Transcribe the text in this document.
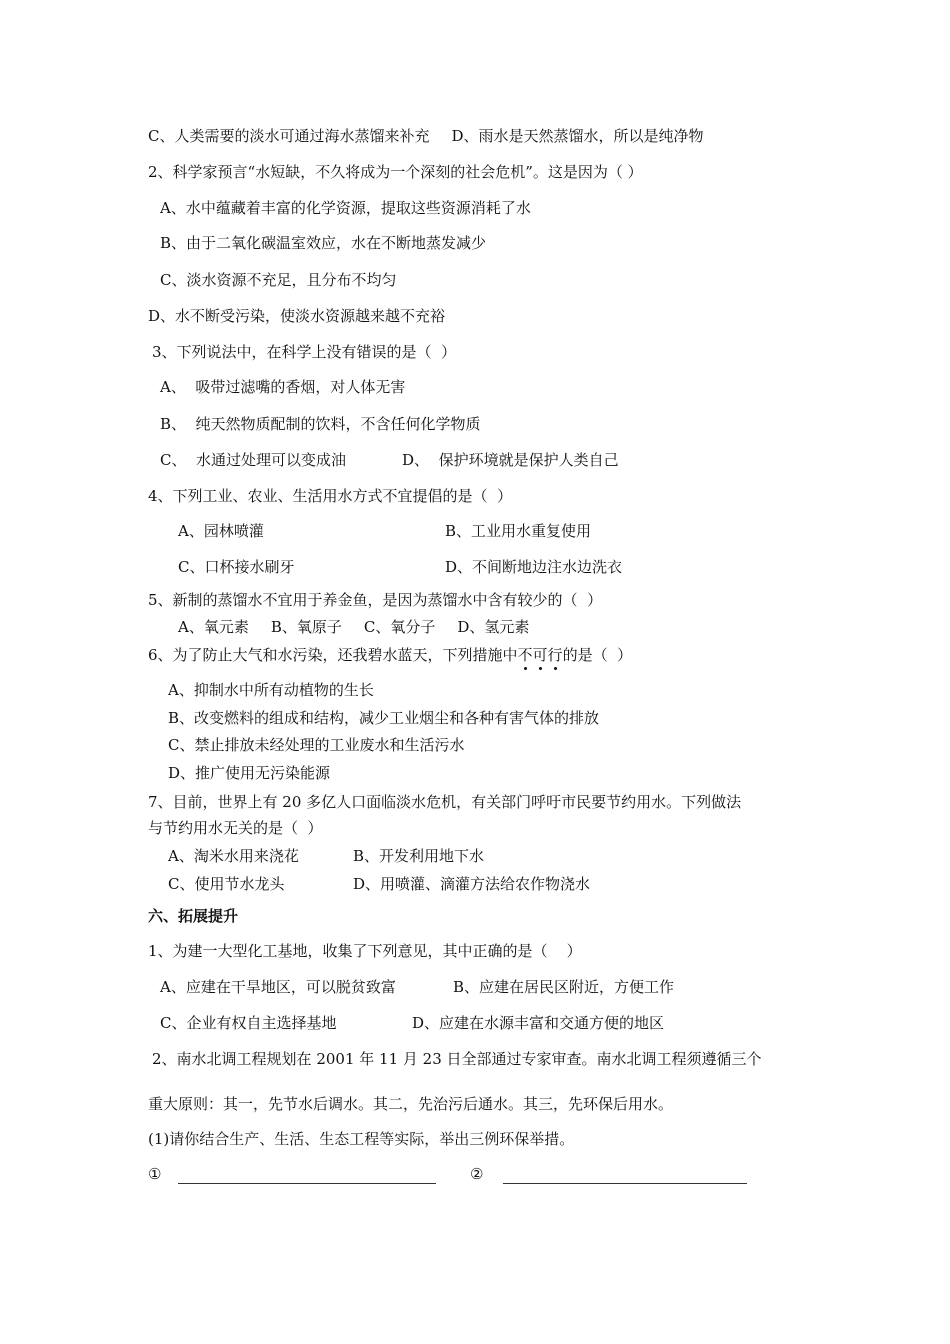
C、人类需要的淡水可通过海水蒸馏来补充 D、雨水是天然蒸馏水，所以是纯净物
2、科学家预言“水短缺，不久将成为一个深刻的社会危机”。这是因为（ ）
A、水中蕴藏着丰富的化学资源，提取这些资源消耗了水
B、由于二氧化碳温室效应，水在不断地蒸发减少
C、淡水资源不充足，且分布不均匀
D、水不断受污染，使淡水资源越来越不充裕
3、下列说法中，在科学上没有错误的是（  ）
A、  吸带过滤嘴的香烟，对人体无害
B、  纯天然物质配制的饮料，不含任何化学物质
C、  水通过处理可以变成油	D、  保护环境就是保护人类自己
4、下列工业、农业、生活用水方式不宜提倡的是（  ）
A、园林喷灌	B、工业用水重复使用
C、口杯接水刷牙	D、不间断地边注水边洗衣
5、新制的蒸馏水不宜用于养金鱼，是因为蒸馏水中含有较少的（  ）
A、氧元素 B、氧原子 C、氧分子 D、氢元素
6、为了防止大气和水污染，还我碧水蓝天，下列措施中不可行
的是（  ）
A、抑制水中所有动植物的生长
B、改变燃料的组成和结构，减少工业烟尘和各种有害气体的排放
C、禁止排放未经处理的工业废水和生活污水
D、推广使用无污染能源
7、目前，世界上有 20 多亿人口面临淡水危机，有关部门呼吁市民要节约用水。下列做法
与节约用水无关的是（  ）
A、淘米水用来浇花	B、开发利用地下水
C、使用节水龙头	D、用喷灌、滴灌方法给农作物浇水
六、拓展提升
1、为建一大型化工基地，收集了下列意见，其中正确的是（    ）
A、应建在干旱地区，可以脱贫致富	B、应建在居民区附近，方便工作
C、企业有权自主选择基地	D、应建在水源丰富和交通方便的地区
2、南水北调工程规划在 2001 年 11 月 23 日全部通过专家审查。南水北调工程须遵循三个
重大原则：其一，先节水后调水。其二，先治污后通水。其三，先环保后用水。
(1)请你结合生产、生活、生态工程等实际，举出三例环保举措。
①	②
